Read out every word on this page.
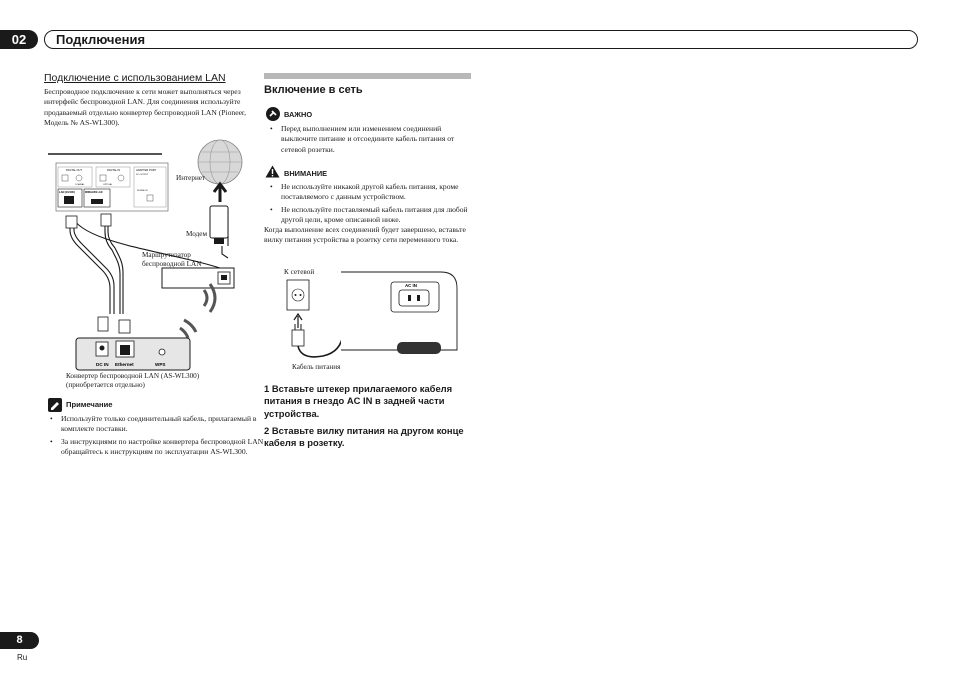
02	Подключения
Подключение с использованием LAN
Беспроводное подключение к сети может выполняться через интерфейс беспроводной LAN. Для соединения используйте продаваемый отдельно конвертер беспроводной LAN (Pioneer, Модель № AS-WL300).
DIGITAL OUT
COAXIAL
DIGITAL IN
OPTICAL
ADAPTER PORT
DC OUTPUT
DIGITAL IN
LAN (10/100)	WIRELESS LAN
DC IN Ethernet	WPS
Интернет
Модем
Маршрутизатор
беспроводной LAN
Конвертер беспроводной LAN (AS-WL300)
(приобретается отдельно)
Примечание
• Используйте только соединительный кабель, прилагаемый в комплекте поставки.
• За инструкциями по настройке конвертера беспроводной LAN обращайтесь к инструкциям по эксплуатации AS-WL300.
Включение в сеть
ВАЖНО
• Перед выполнением или изменением соединений выключите питание и отсоедините кабель питания от сетевой розетки.
ВНИМАНИЕ
• Не используйте никакой другой кабель питания, кроме поставляемого с данным устройством.
• Не используйте поставляемый кабель питания для любой другой цели, кроме описанной ниже.
Когда выполнение всех соединений будет завершено, вставьте вилку питания устройства в розетку сети переменного тока.
AC IN
К сетевой
Кабель питания
1 Вставьте штекер прилагаемого кабеля питания в гнездо AC IN в задней части устройства.
2 Вставьте вилку питания на другом конце кабеля в розетку.
8
Ru
